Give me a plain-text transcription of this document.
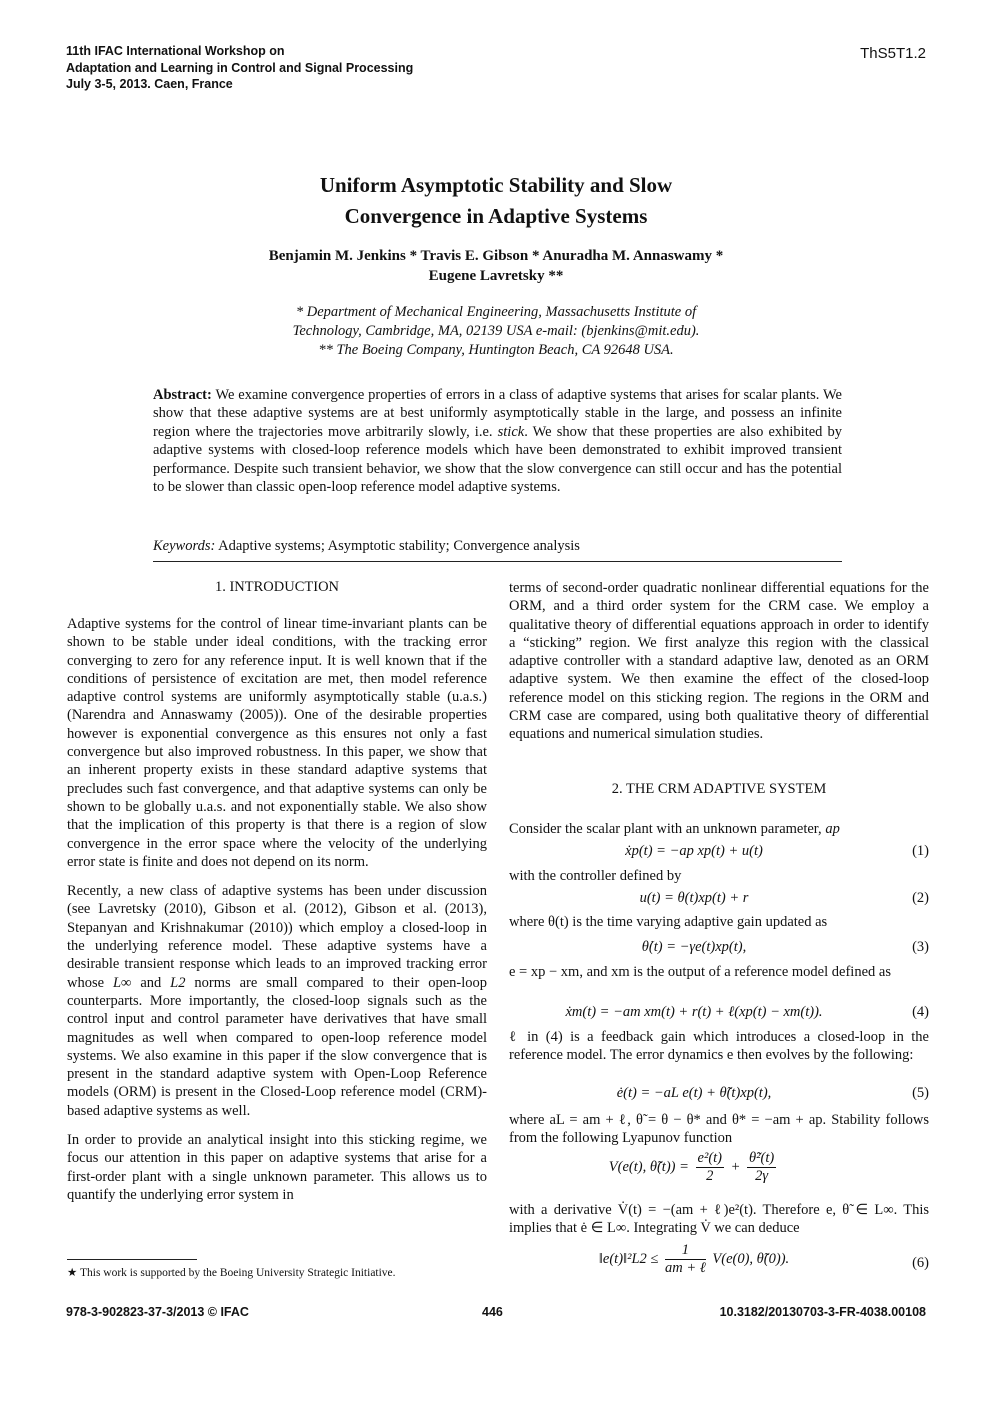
11th IFAC International Workshop on
Adaptation and Learning in Control and Signal Processing
July 3-5, 2013. Caen, France
ThS5T1.2
Uniform Asymptotic Stability and Slow
Convergence in Adaptive Systems
Benjamin M. Jenkins * Travis E. Gibson * Anuradha M. Annaswamy *
Eugene Lavretsky **
* Department of Mechanical Engineering, Massachusetts Institute of
Technology, Cambridge, MA, 02139 USA e-mail: (bjenkins@mit.edu).
** The Boeing Company, Huntington Beach, CA 92648 USA.
Abstract: We examine convergence properties of errors in a class of adaptive systems that arises for scalar plants. We show that these adaptive systems are at best uniformly asymptotically stable in the large, and possess an infinite region where the trajectories move arbitrarily slowly, i.e. stick. We show that these properties are also exhibited by adaptive systems with closed-loop reference models which have been demonstrated to exhibit improved transient performance. Despite such transient behavior, we show that the slow convergence can still occur and has the potential to be slower than classic open-loop reference model adaptive systems.
Keywords: Adaptive systems; Asymptotic stability; Convergence analysis
1. INTRODUCTION

Adaptive systems for the control of linear time-invariant plants can be shown to be stable under ideal conditions, with the tracking error converging to zero for any reference input. It is well known that if the conditions of persistence of excitation are met, then model reference adaptive control systems are uniformly asymptotically stable (u.a.s.) (Narendra and Annaswamy (2005)). One of the desirable properties however is exponential convergence as this ensures not only a fast convergence but also improved robustness. In this paper, we show that an inherent property exists in these standard adaptive systems that precludes such fast convergence, and that adaptive systems can only be shown to be globally u.a.s. and not exponentially stable. We also show that the implication of this property is that there is a region of slow convergence in the error space where the velocity of the underlying error state is finite and does not depend on its norm.

Recently, a new class of adaptive systems has been under discussion (see Lavretsky (2010), Gibson et al. (2012), Gibson et al. (2013), Stepanyan and Krishnakumar (2010)) which employ a closed-loop in the underlying reference model. These adaptive systems have a desirable transient response which leads to an improved tracking error whose L∞ and L2 norms are small compared to their open-loop counterparts. More importantly, the closed-loop signals such as the control input and control parameter have derivatives that have small magnitudes as well when compared to open-loop reference model systems. We also examine in this paper if the slow convergence that is present in the standard adaptive system with Open-Loop Reference models (ORM) is present in the Closed-Loop reference model (CRM)-based adaptive systems as well.

In order to provide an analytical insight into this sticking regime, we focus our attention in this paper on adaptive systems that arise for a first-order plant with a single unknown parameter. This allows us to quantify the underlying error system in

★ This work is supported by the Boeing University Strategic Initiative.
terms of second-order quadratic nonlinear differential equations for the ORM, and a third order system for the CRM case. We employ a qualitative theory of differential equations approach in order to identify a “sticking” region. We first analyze this region with the classical adaptive controller with a standard adaptive law, denoted as an ORM adaptive system. We then examine the effect of the closed-loop reference model on this sticking region. The regions in the ORM and CRM case are compared, using both qualitative theory of differential equations and numerical simulation studies.
2. THE CRM ADAPTIVE SYSTEM
Consider the scalar plant with an unknown parameter, ap
ẋp(t) = −ap xp(t) + u(t)	(1)
with the controller defined by
u(t) = θ(t)xp(t) + r	(2)
where θ(t) is the time varying adaptive gain updated as
θ̇(t) = −γe(t)xp(t),	(3)
e = xp − xm, and xm is the output of a reference model defined as
ẋm(t) = −am xm(t) + r(t) + ℓ(xp(t) − xm(t)).	(4)
ℓ in (4) is a feedback gain which introduces a closed-loop in the reference model. The error dynamics e then evolves by the following:
ė(t) = −aL e(t) + θ̃(t)xp(t),	(5)
where aL = am + ℓ, θ̃ = θ − θ* and θ* = −am + ap. Stability follows from the following Lyapunov function
V(e(t), θ̃(t)) = $\frac{\text{e²(t)}}{2} + \frac{\text{θ̃²(t)}}{2\gamma}$
with a derivative V̇(t) = −(am + ℓ)e²(t). Therefore e, θ̃ ∈ L∞. This implies that ė ∈ L∞. Integrating V̇ we can deduce
‖e(t)‖²L2 ≤ $\frac{1}{\text{am + ℓ}} V(e(0)$, θ̃(0)).	(6)
978-3-902823-37-3/2013 © IFAC	446	10.3182/20130703-3-FR-4038.00108
